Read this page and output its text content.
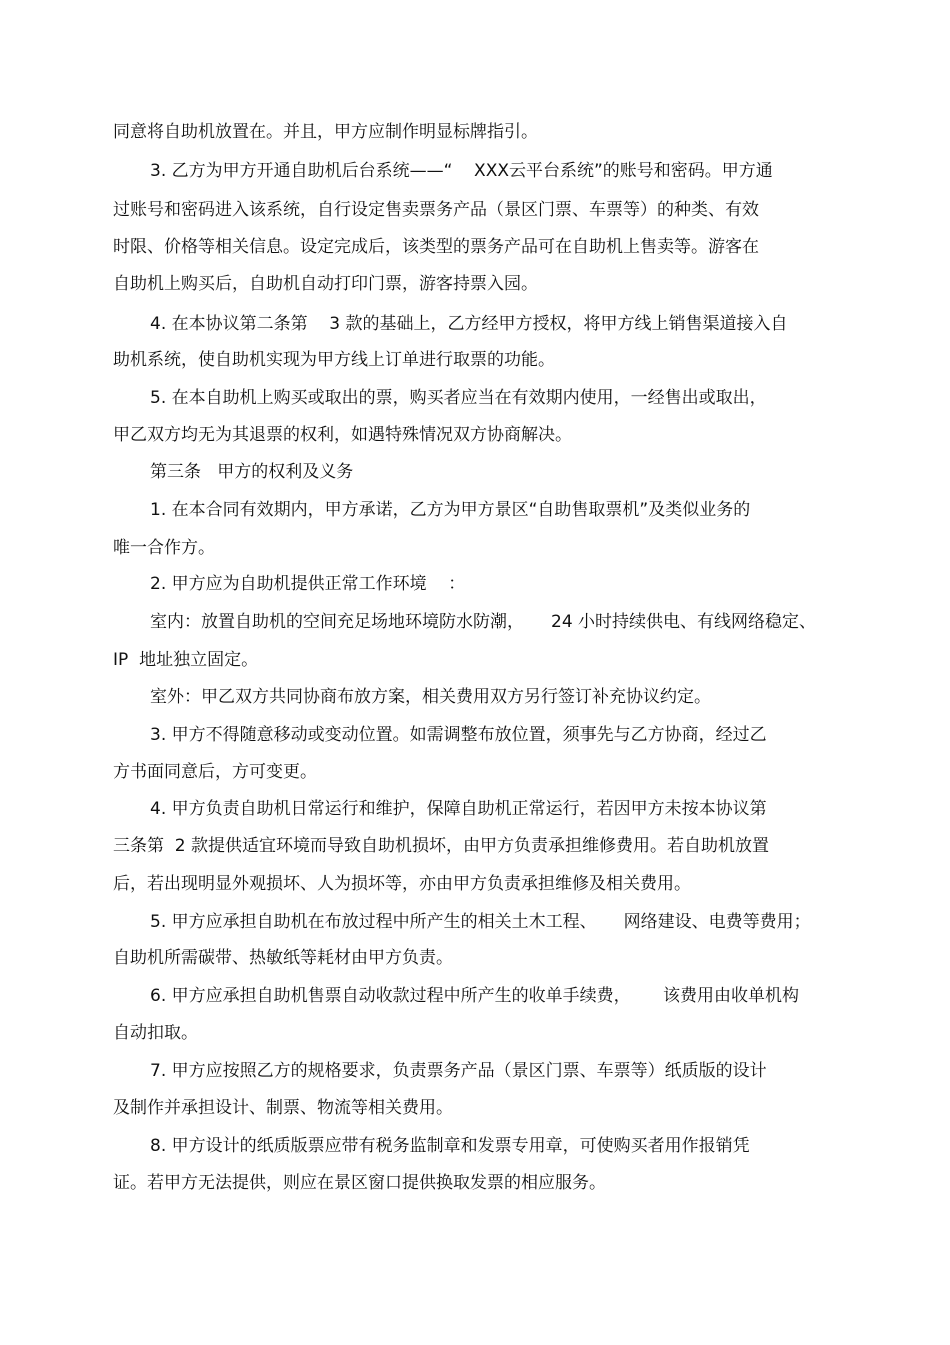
同意将自助机放置在。并且，甲方应制作明显标牌指引。
3. 乙方为甲方开通自助机后台系统——“    XXX云平台系统”的账号和密码。甲方通
过账号和密码进入该系统，自行设定售卖票务产品（景区门票、车票等）的种类、有效
时限、价格等相关信息。设定完成后，该类型的票务产品可在自助机上售卖等。游客在
自助机上购买后，自助机自动打印门票，游客持票入园。
4. 在本协议第二条第    3 款的基础上，乙方经甲方授权，将甲方线上销售渠道接入自
助机系统，使自助机实现为甲方线上订单进行取票的功能。
5. 在本自助机上购买或取出的票，购买者应当在有效期内使用，一经售出或取出，
甲乙双方均无为其退票的权利，如遇特殊情况双方协商解决。
第三条   甲方的权利及义务
1. 在本合同有效期内，甲方承诺，乙方为甲方景区“自助售取票机”及类似业务的
唯一合作方。
2. 甲方应为自助机提供正常工作环境    ：
室内：放置自助机的空间充足场地环境防水防潮，     24 小时持续供电、有线网络稳定、
IP  地址独立固定。
室外：甲乙双方共同协商布放方案，相关费用双方另行签订补充协议约定。
3. 甲方不得随意移动或变动位置。如需调整布放位置，须事先与乙方协商，经过乙
方书面同意后，方可变更。
4. 甲方负责自助机日常运行和维护，保障自助机正常运行，若因甲方未按本协议第
三条第  2 款提供适宜环境而导致自助机损坏，由甲方负责承担维修费用。若自助机放置
后，若出现明显外观损坏、人为损坏等，亦由甲方负责承担维修及相关费用。
5. 甲方应承担自助机在布放过程中所产生的相关土木工程、     网络建设、电费等费用；
自助机所需碳带、热敏纸等耗材由甲方负责。
6. 甲方应承担自助机售票自动收款过程中所产生的收单手续费，      该费用由收单机构
自动扣取。
7. 甲方应按照乙方的规格要求，负责票务产品（景区门票、车票等）纸质版的设计
及制作并承担设计、制票、物流等相关费用。
8. 甲方设计的纸质版票应带有税务监制章和发票专用章，可使购买者用作报销凭
证。若甲方无法提供，则应在景区窗口提供换取发票的相应服务。
